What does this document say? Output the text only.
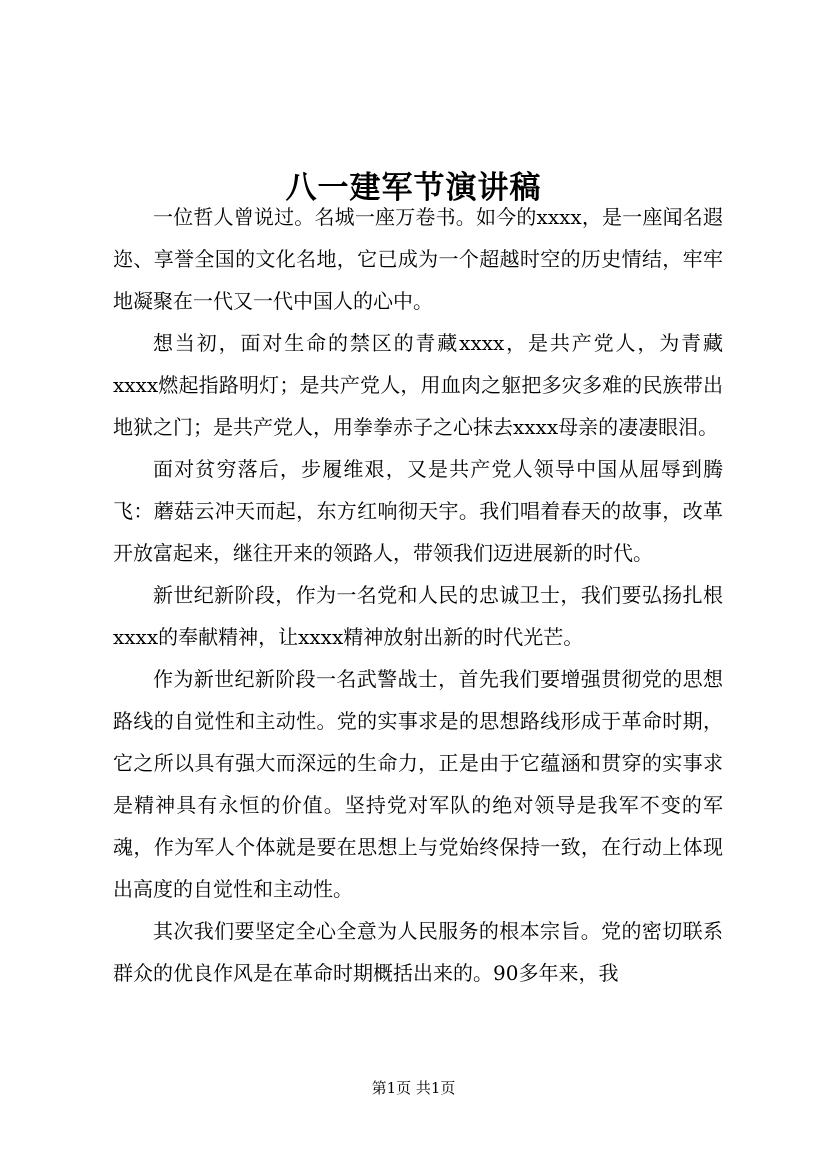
八一建军节演讲稿

一位哲人曾说过。名城一座万卷书。如今的xxxx，是一座闻名遐迩、享誉全国的文化名地，它已成为一个超越时空的历史情结，牢牢地凝聚在一代又一代中国人的心中。

想当初，面对生命的禁区的青藏xxxx，是共产党人，为青藏xxxx燃起指路明灯；是共产党人，用血肉之躯把多灾多难的民族带出地狱之门；是共产党人，用拳拳赤子之心抹去xxxx母亲的凄凄眼泪。

面对贫穷落后，步履维艰，又是共产党人领导中国从屈辱到腾飞：蘑菇云冲天而起，东方红响彻天宇。我们唱着春天的故事，改革开放富起来，继往开来的领路人，带领我们迈进展新的时代。

新世纪新阶段，作为一名党和人民的忠诚卫士，我们要弘扬扎根xxxx的奉献精神，让xxxx精神放射出新的时代光芒。

作为新世纪新阶段一名武警战士，首先我们要增强贯彻党的思想路线的自觉性和主动性。党的实事求是的思想路线形成于革命时期，它之所以具有强大而深远的生命力，正是由于它蕴涵和贯穿的实事求是精神具有永恒的价值。坚持党对军队的绝对领导是我军不变的军魂，作为军人个体就是要在思想上与党始终保持一致，在行动上体现出高度的自觉性和主动性。

其次我们要坚定全心全意为人民服务的根本宗旨。党的密切联系群众的优良作风是在革命时期概括出来的。90多年来，我

第1页 共1页
